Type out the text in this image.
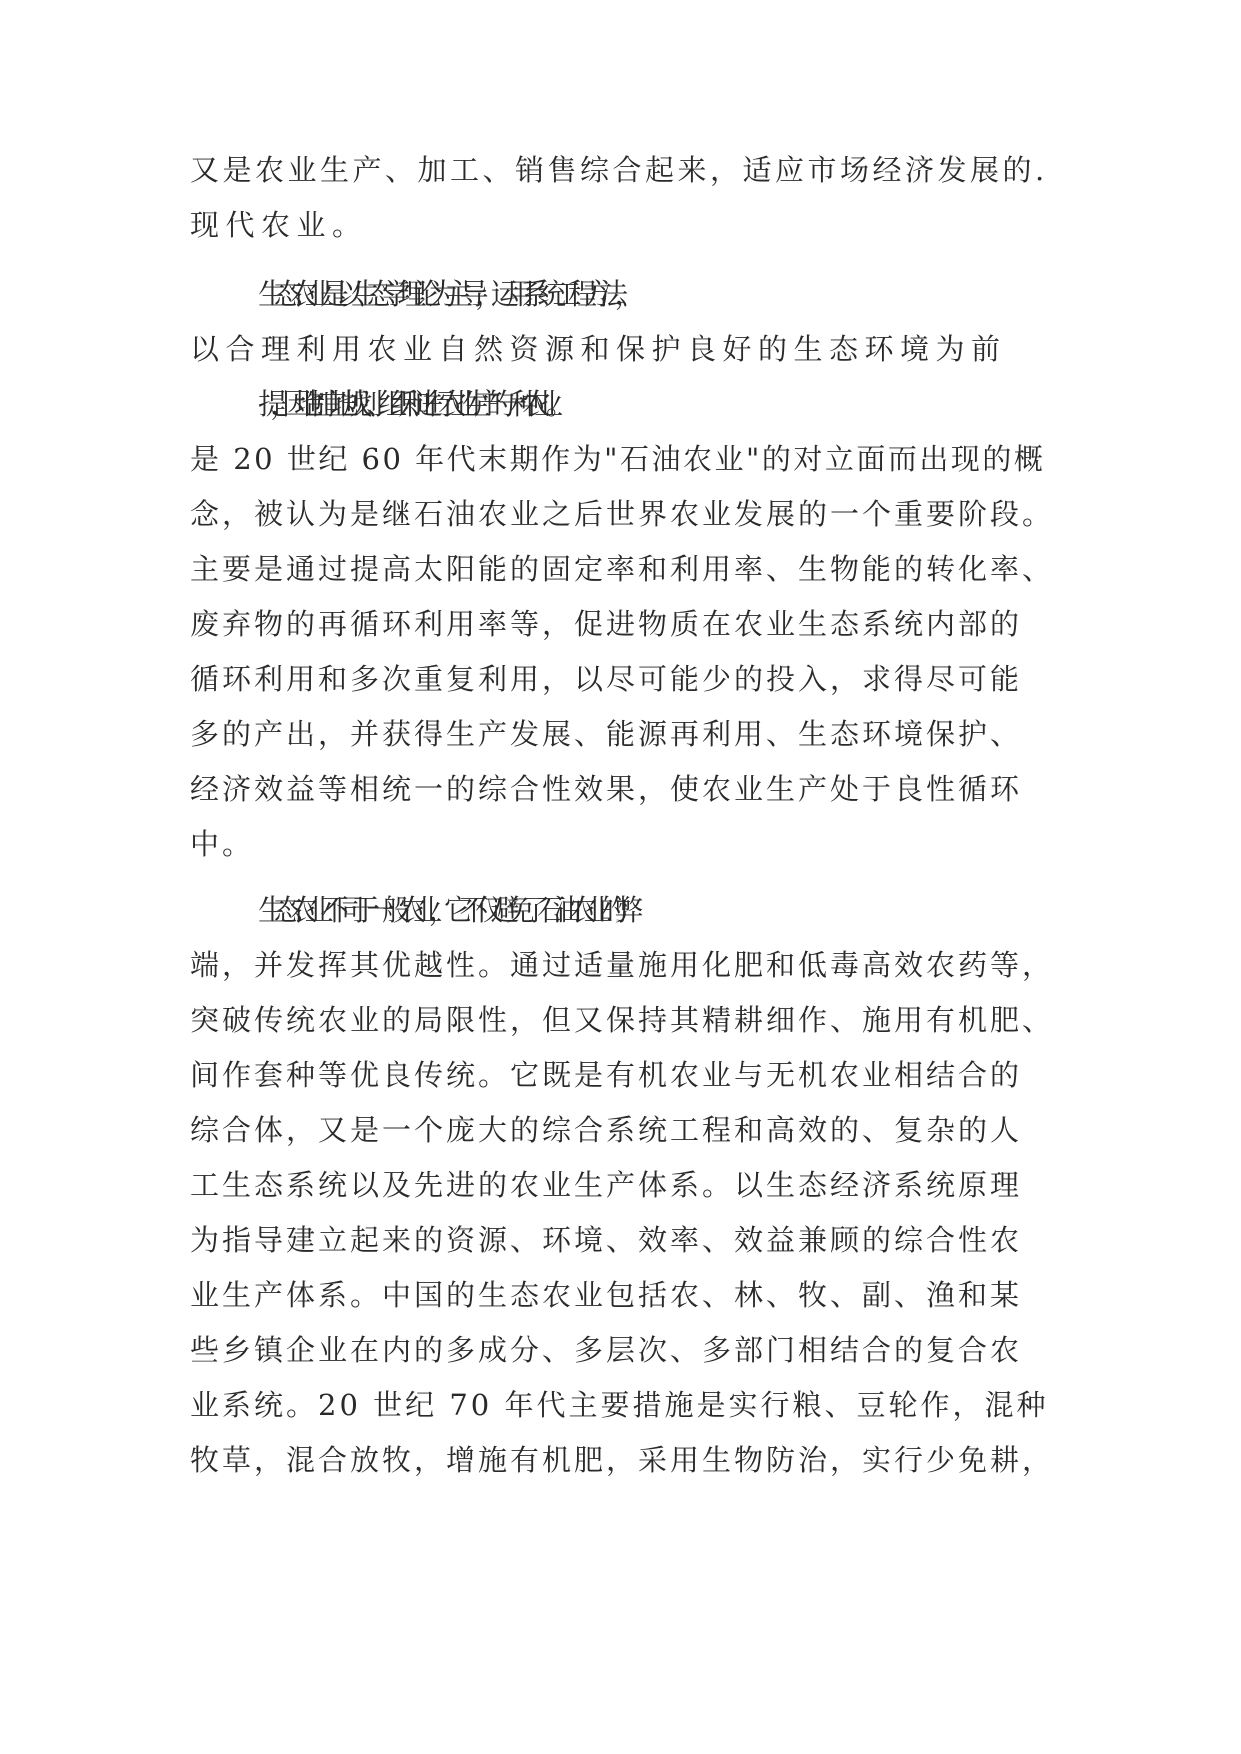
又是农业生产、加工、销售综合起来，适应市场经济发展的.
现代农业。
生态农业是以生态学理论为主导，运用系统工程方法，
以合理利用农业自然资源和保护良好的生态环境为前
提，因地制宜地规划、组织和进行农业生产的一种农业。
是 20 世纪 60 年代末期作为"石油农业"的对立面而出现的概
念，被认为是继石油农业之后世界农业发展的一个重要阶段。
主要是通过提高太阳能的固定率和利用率、生物能的转化率、
废弃物的再循环利用率等，促进物质在农业生态系统内部的
循环利用和多次重复利用，以尽可能少的投入，求得尽可能
多的产出，并获得生产发展、能源再利用、生态环境保护、
经济效益等相统一的综合性效果，使农业生产处于良性循环
中。
生态农业不同于一般农业，它不仅避免了石油农业的弊
端，并发挥其优越性。通过适量施用化肥和低毒高效农药等，
突破传统农业的局限性，但又保持其精耕细作、施用有机肥、
间作套种等优良传统。它既是有机农业与无机农业相结合的
综合体，又是一个庞大的综合系统工程和高效的、复杂的人
工生态系统以及先进的农业生产体系。以生态经济系统原理
为指导建立起来的资源、环境、效率、效益兼顾的综合性农
业生产体系。中国的生态农业包括农、林、牧、副、渔和某
些乡镇企业在内的多成分、多层次、多部门相结合的复合农
业系统。20 世纪 70 年代主要措施是实行粮、豆轮作，混种
牧草，混合放牧，增施有机肥，采用生物防治，实行少免耕，
